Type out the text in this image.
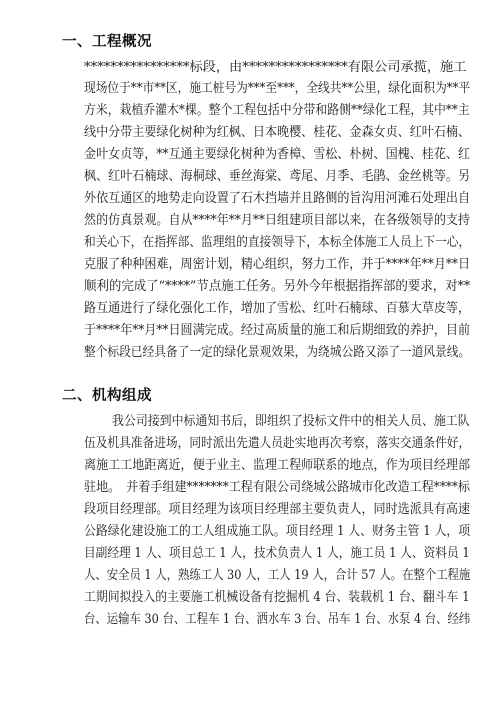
一、工程概况
****************标段，由****************有限公司承揽，施工
现场位于**市**区，施工桩号为***至***，全线共**公里，绿化面积为**平
方米，栽植乔灌木*棵。整个工程包括中分带和路侧**绿化工程，其中**主
线中分带主要绿化树种为红枫、日本晚樱、桂花、金森女贞、红叶石楠、
金叶女贞等，**互通主要绿化树种为香樟、雪松、朴树、国槐、桂花、红
枫、红叶石楠球、海桐球、垂丝海棠、鸢尾、月季、毛鹃、金丝桃等。另
外依互通区的地势走向设置了石木挡墙并且路侧的旨沟用河滩石处理出自
然的仿真景观。自从****年**月**日组建项目部以来，在各级领导的支持
和关心下，在指挥部、监理组的直接领导下，本标全体施工人员上下一心，
克服了种种困难，周密计划，精心组织，努力工作，并于****年**月**日
顺利的完成了“****”节点施工任务。另外今年根据指挥部的要求，对**
路互通进行了绿化强化工作，增加了雪松、红叶石楠球、百慕大草皮等，
于****年**月**日圆满完成。经过高质量的施工和后期细致的养护，目前
整个标段已经具备了一定的绿化景观效果，为绕城公路又添了一道风景线。
二、机构组成
我公司接到中标通知书后，即组织了投标文件中的相关人员、施工队
伍及机具准备进场，同时派出先遣人员赴实地再次考察，落实交通条件好，
离施工工地距离近，便于业主、监理工程师联系的地点，作为项目经理部
驻地。　并着手组建*******工程有限公司绕城公路城市化改造工程****标
段项目经理部。项目经理为该项目经理部主要负责人，同时选派具有高速
公路绿化建设施工的工人组成施工队。项目经理 1 人、财务主管 1 人，项
目副经理 1 人、项目总工 1 人，技术负责人 1 人，施工员 1 人、资料员 1
人、安全员 1 人，熟练工人 30 人，工人 19 人，合计 57 人。在整个工程施
工期间拟投入的主要施工机械设备有挖掘机 4 台、装载机 1 台、翻斗车 1
台、运输车 30 台、工程车 1 台、洒水车 3 台、吊车 1 台、水泵 4 台、经纬
